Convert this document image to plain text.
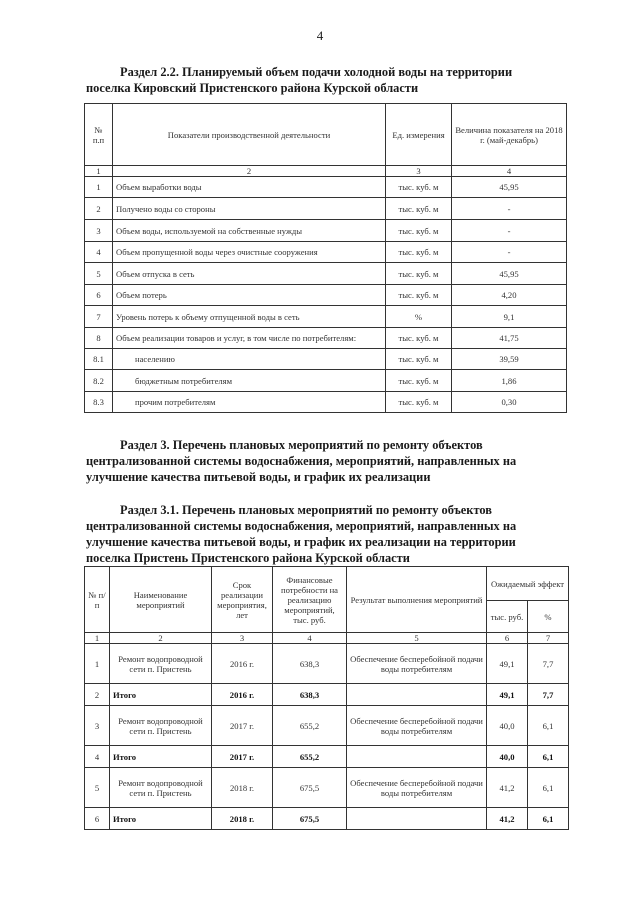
4
Раздел 2.2. Планируемый объем подачи холодной воды на территории
поселка Кировский Пристенского района Курской области
№ п.п	Показатели производственной деятельности	Ед. измерения	Величина показателя на 2018 г. (май-декабрь)
1	2	3	4
1	Объем выработки воды	тыс. куб. м	45,95
2	Получено воды со стороны	тыс. куб. м	-
3	Объем воды, используемой на собственные нужды	тыс. куб. м	-
4	Объем пропущенной воды через очистные сооружения	тыс. куб. м	-
5	Объем отпуска в сеть	тыс. куб. м	45,95
6	Объем потерь	тыс. куб. м	4,20
7	Уровень потерь к объему отпущенной воды в сеть	%	9,1
8	Объем реализации товаров и услуг, в том числе по потребителям:	тыс. куб. м	41,75
8.1	населению	тыс. куб. м	39,59
8.2	бюджетным потребителям	тыс. куб. м	1,86
8.3	прочим потребителям	тыс. куб. м	0,30
Раздел 3. Перечень плановых мероприятий по ремонту объектов
централизованной системы водоснабжения, мероприятий, направленных на
улучшение качества питьевой воды, и график их реализации
Раздел 3.1. Перечень плановых мероприятий по ремонту объектов
централизованной системы водоснабжения, мероприятий, направленных на
улучшение качества питьевой воды, и график их реализации на территории
поселка Пристень Пристенского района Курской области
№ п/п	Наименование мероприятий	Срок реализации мероприятия, лет	Финансовые потребности на реализацию мероприятий, тыс. руб.	Результат выполнения мероприятий	Ожидаемый эффект	
					тыс. руб.	%
1	2	3	4	5	6	7
1	Ремонт водопроводной сети п. Пристень	2016 г.	638,3	Обеспечение бесперебойной подачи воды потребителям	49,1	7,7
2	Итого	2016 г.	638,3		49,1	7,7
3	Ремонт водопроводной сети п. Пристень	2017 г.	655,2	Обеспечение бесперебойной подачи воды потребителям	40,0	6,1
4	Итого	2017 г.	655,2		40,0	6,1
5	Ремонт водопроводной сети п. Пристень	2018 г.	675,5	Обеспечение бесперебойной подачи воды потребителям	41,2	6,1
6	Итого	2018 г.	675,5		41,2	6,1
